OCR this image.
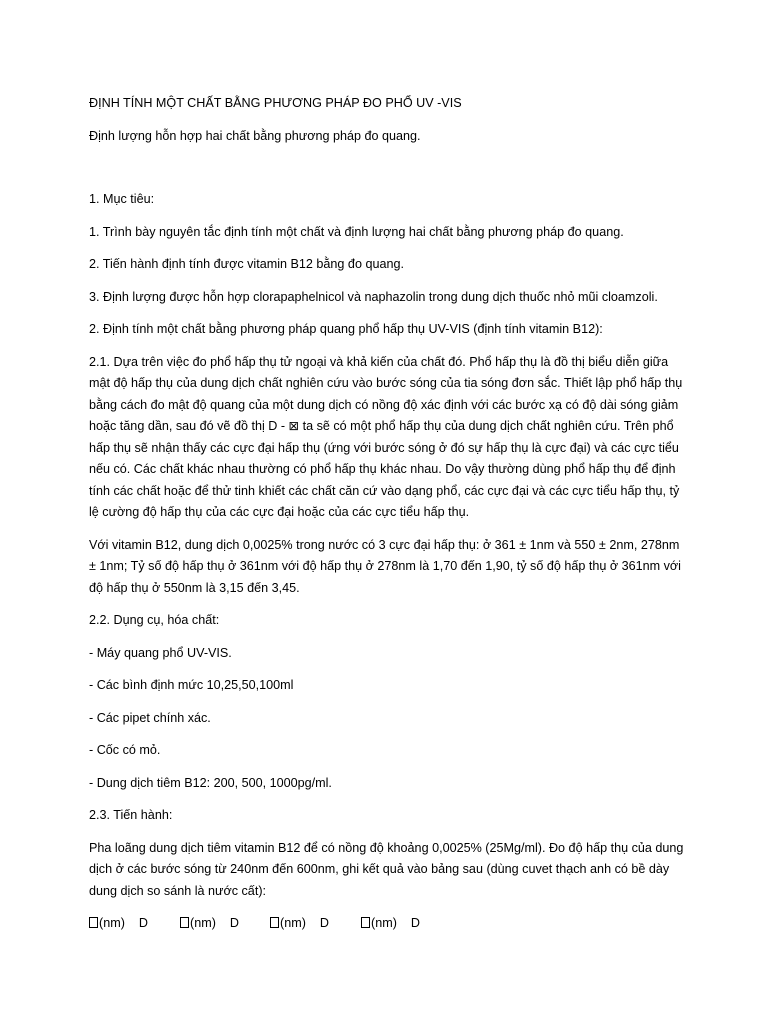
ĐỊNH TÍNH MỘT CHẤT BẰNG PHƯƠNG PHÁP ĐO PHỔ UV -VIS

Định lượng hỗn hợp hai chất bằng phương pháp đo quang.

1. Mục tiêu:

1. Trình bày nguyên tắc định tính một chất và định lượng hai chất bằng phương pháp đo quang.

2. Tiến hành định tính được vitamin B12 bằng đo quang.

3. Định lượng được hỗn hợp clorapaphelnicol và naphazolin trong dung dịch thuốc nhỏ mũi cloamzoli.

2. Định tính một chất bằng phương pháp quang phổ hấp thụ UV-VIS (định tính vitamin B12):

2.1. Dựa trên việc đo phổ hấp thụ tử ngoại và khả kiến của chất đó. Phổ hấp thụ là đồ thị biểu diễn giữa mật độ hấp thụ của dung dịch chất nghiên cứu vào bước sóng của tia sóng đơn sắc. Thiết lập phổ hấp thụ bằng cách đo mật độ quang của một dung dịch có nồng độ xác định với các bước xạ có độ dài sóng giảm hoặc tăng dần, sau đó vẽ đồ thị D - ⊠ ta sẽ có một phổ hấp thụ của dung dịch chất nghiên cứu. Trên phổ hấp thụ sẽ nhận thấy các cực đại hấp thụ (ứng với bước sóng ở đó sự hấp thụ là cực đại) và các cực tiểu nếu có. Các chất khác nhau thường có phổ hấp thụ khác nhau. Do vậy thường dùng phổ hấp thụ để định tính các chất hoặc để thử tinh khiết các chất căn cứ vào dạng phổ, các cực đại và các cực tiểu hấp thụ, tỷ lệ cường độ hấp thụ của các cực đại hoặc của các cực tiểu hấp thụ.

Với vitamin B12, dung dịch 0,0025% trong nước có 3 cực đại hấp thụ: ở 361 ± 1nm và 550 ± 2nm, 278nm ± 1nm; Tỷ số độ hấp thụ ở 361nm với độ hấp thụ ở 278nm là 1,70 đến 1,90, tỷ số độ hấp thụ ở 361nm với độ hấp thụ ở 550nm là 3,15 đến 3,45.

2.2. Dụng cụ, hóa chất:

- Máy quang phổ UV-VIS.

- Các bình định mức 10,25,50,100ml

- Các pipet chính xác.

- Cốc có mỏ.

- Dung dịch tiêm B12: 200, 500, 1000pg/ml.

2.3. Tiến hành:

Pha loãng dung dịch tiêm vitamin B12 để có nồng độ khoảng 0,0025% (25Mg/ml). Đo độ hấp thụ của dung dịch ở các bước sóng từ 240nm đến 600nm, ghi kết quả vào bảng sau (dùng cuvet thạch anh có bề dày dung dịch so sánh là nước cất):

(nm) D	(nm) D	(nm) D	(nm) D
